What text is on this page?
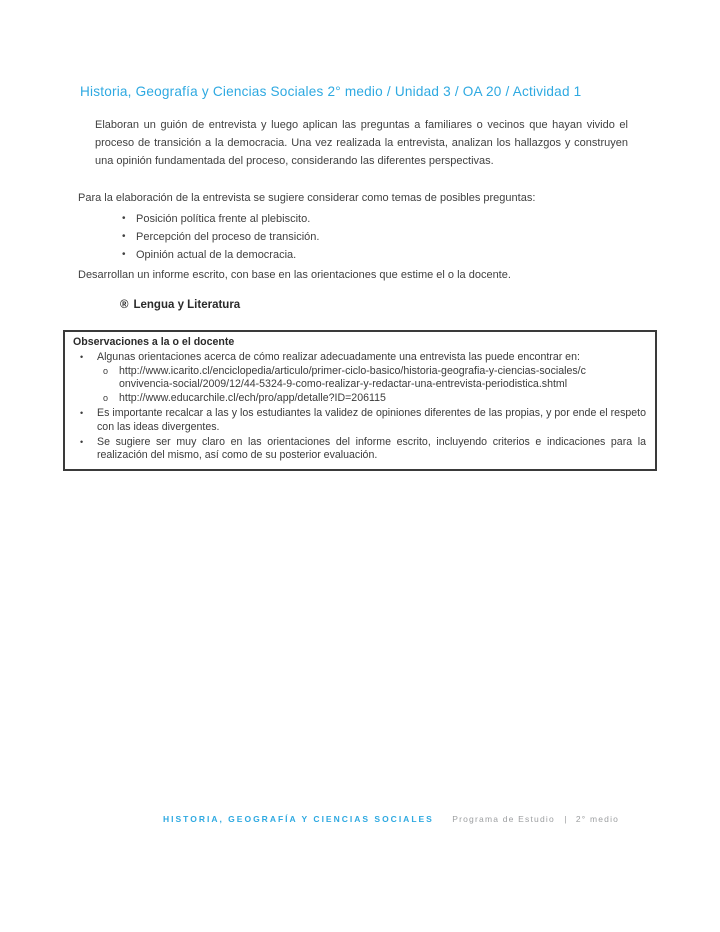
Historia, Geografía y Ciencias Sociales 2° medio / Unidad 3 / OA 20 / Actividad 1
Elaboran un guión de entrevista y luego aplican las preguntas a familiares o vecinos que hayan vivido el proceso de transición a la democracia. Una vez realizada la entrevista, analizan los hallazgos y construyen una opinión fundamentada del proceso, considerando las diferentes perspectivas.
Para la elaboración de la entrevista se sugiere considerar como temas de posibles preguntas:
• Posición política frente al plebiscito.
• Percepción del proceso de transición.
• Opinión actual de la democracia.
Desarrollan un informe escrito, con base en las orientaciones que estime el o la docente.
® Lengua y Literatura
Observaciones a la o el docente
•	Algunas orientaciones acerca de cómo realizar adecuadamente una entrevista las puede encontrar en:
o	http://www.icarito.cl/enciclopedia/articulo/primer-ciclo-basico/historia-geografia-y-ciencias-sociales/convivencia-social/2009/12/44-5324-9-como-realizar-y-redactar-una-entrevista-periodistica.shtml
o	http://www.educarchile.cl/ech/pro/app/detalle?ID=206115
•	Es importante recalcar a las y los estudiantes la validez de opiniones diferentes de las propias, y por ende el respeto con las ideas divergentes.
•	Se sugiere ser muy claro en las orientaciones del informe escrito, incluyendo criterios e indicaciones para la realización del mismo, así como de su posterior evaluación.
HISTORIA, GEOGRAFÍA Y CIENCIAS SOCIALES Programa de Estudio | 2° medio
